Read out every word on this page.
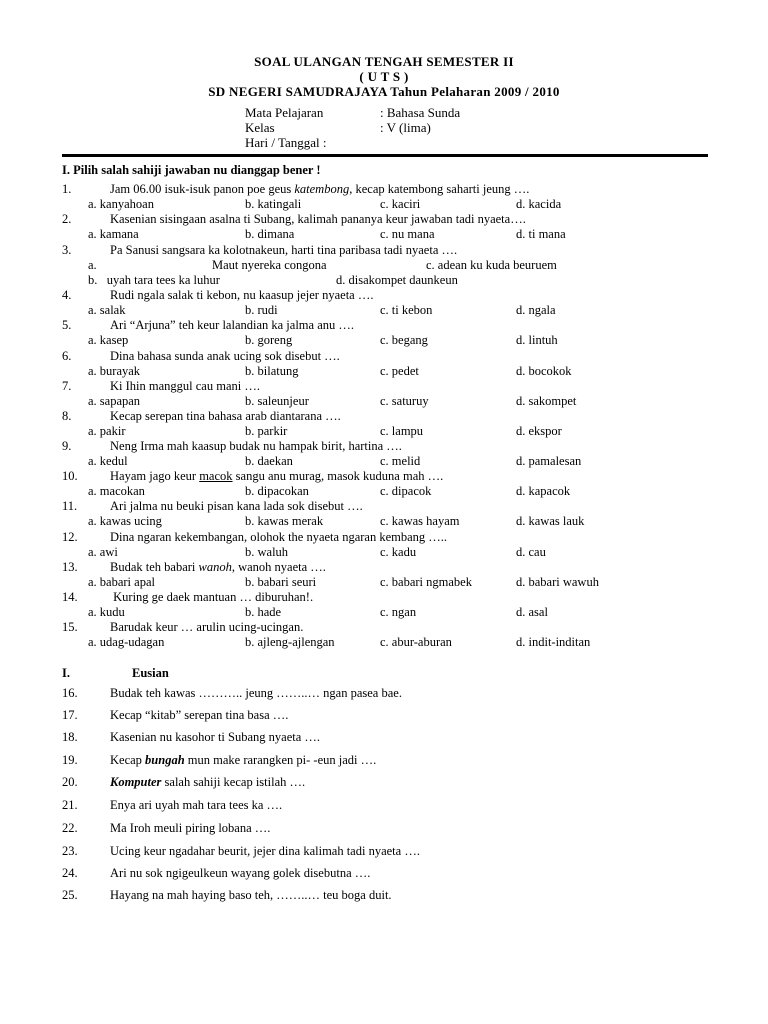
SOAL ULANGAN TENGAH SEMESTER II
( U T S )
SD NEGERI SAMUDRAJAYA Tahun Pelaharan 2009 / 2010
Mata Pelajaran	: Bahasa Sunda
Kelas	: V (lima)
Hari / Tanggal :
I. Pilih salah sahiji jawaban nu dianggap bener !
1.	Jam 06.00 isuk-isuk panon poe geus katembong, kecap katembong saharti jeung ….
a. kanyahoan	b. katingali	c. kaciri	d. kacida
2.	Kasenian sisingaan asalna ti Subang, kalimah pananya keur jawaban tadi nyaeta….
a. kamana	b. dimana	c. nu mana	d. ti mana
3.	Pa Sanusi sangsara ka kolotnakeun, harti tina paribasa tadi nyaeta ….
a.	Maut nyereka congona	c. adean ku kuda beuruem
b.   uyah tara tees ka luhur	d. disakompet daunkeun
4.	Rudi ngala salak ti kebon, nu kaasup jejer nyaeta ….
a. salak	b. rudi	c. ti kebon	d. ngala
5.	Ari “Arjuna” teh keur lalandian ka jalma anu ….
a. kasep	b. goreng	c. begang	d. lintuh
6.	Dina bahasa sunda anak ucing sok disebut ….
a. burayak	b. bilatung	c. pedet	d. bocokok
7.	Ki Ihin manggul cau mani ….
a. sapapan	b. saleunjeur	c. saturuy	d. sakompet
8.	Kecap serepan tina bahasa arab diantarana ….
a. pakir	b. parkir	c. lampu	d. ekspor
9.	Neng Irma mah kaasup budak nu hampak birit, hartina ….
a. kedul	b. daekan	c. melid	d. pamalesan
10.	Hayam jago keur macok sangu anu murag, masok kuduna mah ….
a. macokan	b. dipacokan	c. dipacok	d. kapacok
11.	Ari jalma nu beuki pisan kana lada sok disebut ….
a. kawas ucing	b. kawas merak	c. kawas hayam	d. kawas lauk
12.	Dina ngaran kekembangan, olohok the nyaeta ngaran kembang …..
a. awi	b. waluh	c. kadu	d. cau
13.	Budak teh babari wanoh, wanoh nyaeta ….
a. babari apal	b. babari seuri	c. babari ngmabek	d. babari wawuh
14.	Kuring ge daek mantuan … diburuhan!.
a. kudu	b. hade	c. ngan	d. asal
15.	Barudak keur … arulin ucing-ucingan.
a. udag-udagan	b. ajleng-ajlengan	c. abur-aburan	d. indit-inditan
I.	Eusian
16.	Budak teh kawas ……….. jeung ……..… ngan pasea bae.
17.	Kecap “kitab” serepan tina basa ….
18.	Kasenian nu kasohor ti Subang nyaeta ….
19.	Kecap bungah mun make rarangken pi- -eun jadi ….
20.	Komputer salah sahiji kecap istilah ….
21.	Enya ari uyah mah tara tees ka ….
22.	Ma Iroh meuli piring lobana ….
23.	Ucing keur ngadahar beurit, jejer dina kalimah tadi nyaeta ….
24.	Ari nu sok ngigeulkeun wayang golek disebutna ….
25.	Hayang na mah haying baso teh, ……..… teu boga duit.
